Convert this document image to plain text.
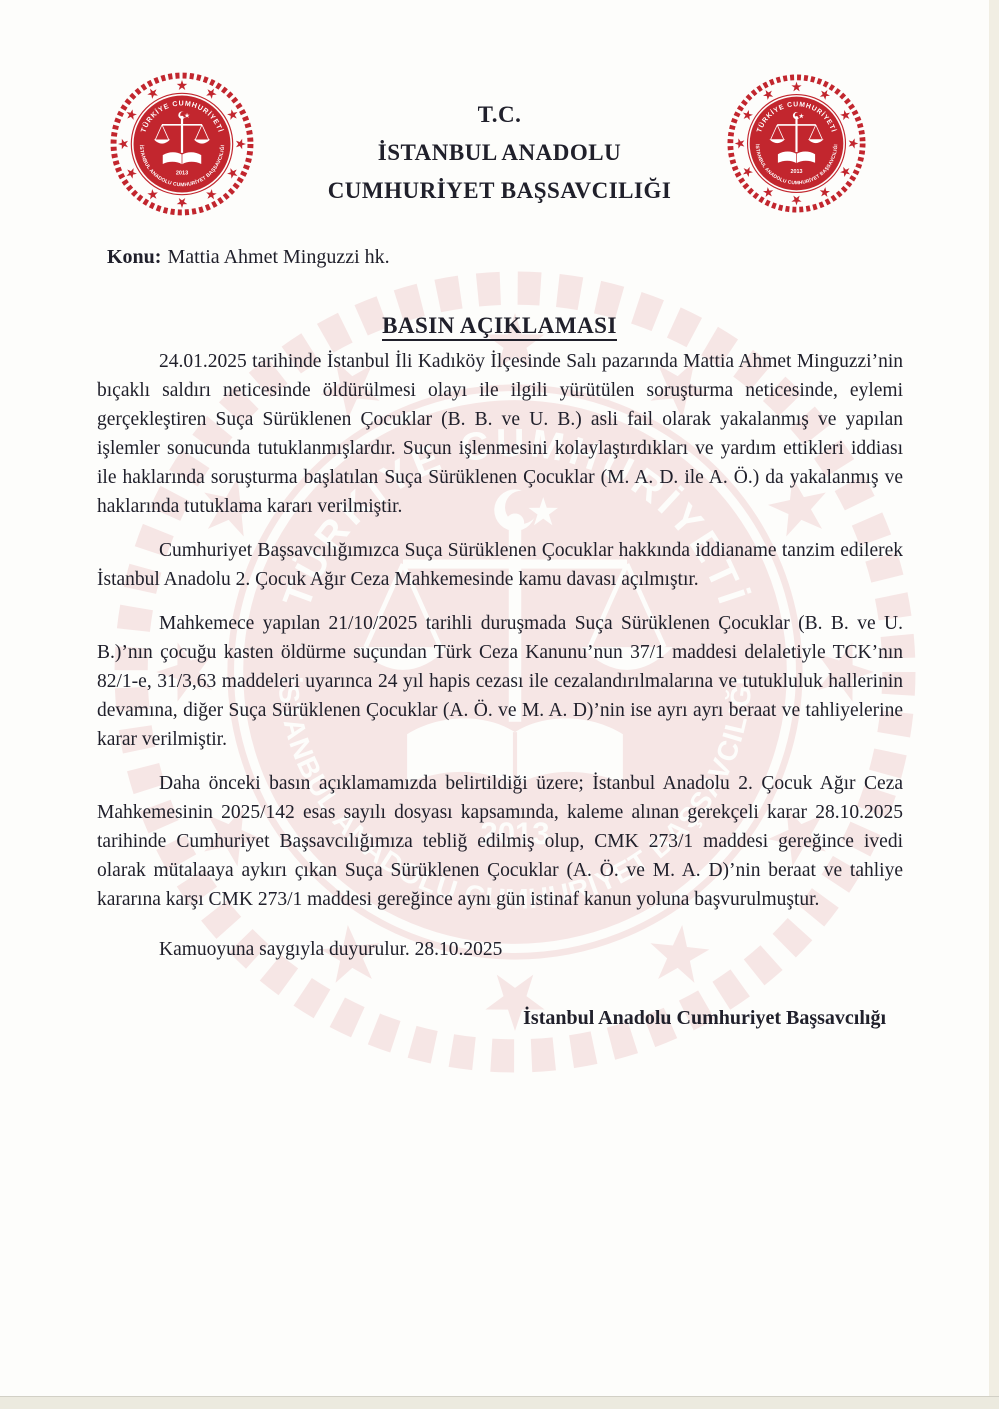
T.C.
İSTANBUL ANADOLU
CUMHURİYET BAŞSAVCILIĞI
Konu: Mattia Ahmet Minguzzi hk.
BASIN AÇIKLAMASI

24.01.2025 tarihinde İstanbul İli Kadıköy İlçesinde Salı pazarında Mattia Ahmet Minguzzi’nin bıçaklı saldırı neticesinde öldürülmesi olayı ile ilgili yürütülen soruşturma neticesinde, eylemi gerçekleştiren Suça Sürüklenen Çocuklar (B. B. ve U. B.) asli fail olarak yakalanmış ve yapılan işlemler sonucunda tutuklanmışlardır. Suçun işlenmesini kolaylaştırdıkları ve yardım ettikleri iddiası ile haklarında soruşturma başlatılan Suça Sürüklenen Çocuklar (M. A. D. ile A. Ö.) da yakalanmış ve haklarında tutuklama kararı verilmiştir.

Cumhuriyet Başsavcılığımızca Suça Sürüklenen Çocuklar hakkında iddianame tanzim edilerek İstanbul Anadolu 2. Çocuk Ağır Ceza Mahkemesinde kamu davası açılmıştır.

Mahkemece yapılan 21/10/2025 tarihli duruşmada Suça Sürüklenen Çocuklar (B. B. ve U. B.)’nın çocuğu kasten öldürme suçundan Türk Ceza Kanunu’nun 37/1 maddesi delaletiyle TCK’nın 82/1-e, 31/3,63 maddeleri uyarınca 24 yıl hapis cezası ile cezalandırılmalarına ve tutukluluk hallerinin devamına, diğer Suça Sürüklenen Çocuklar (A. Ö. ve M. A. D)’nin ise ayrı ayrı beraat ve tahliyelerine karar verilmiştir.

Daha önceki basın açıklamamızda belirtildiği üzere; İstanbul Anadolu 2. Çocuk Ağır Ceza Mahkemesinin 2025/142 esas sayılı dosyası kapsamında, kaleme alınan gerekçeli karar 28.10.2025 tarihinde Cumhuriyet Başsavcılığımıza tebliğ edilmiş olup, CMK 273/1 maddesi gereğince ivedi olarak mütalaaya aykırı çıkan Suça Sürüklenen Çocuklar (A. Ö. ve M. A. D)’nin beraat ve tahliye kararına karşı CMK 273/1 maddesi gereğince aynı gün istinaf kanun yoluna başvurulmuştur.

Kamuoyuna saygıyla duyurulur. 28.10.2025

İstanbul Anadolu Cumhuriyet Başsavcılığı
